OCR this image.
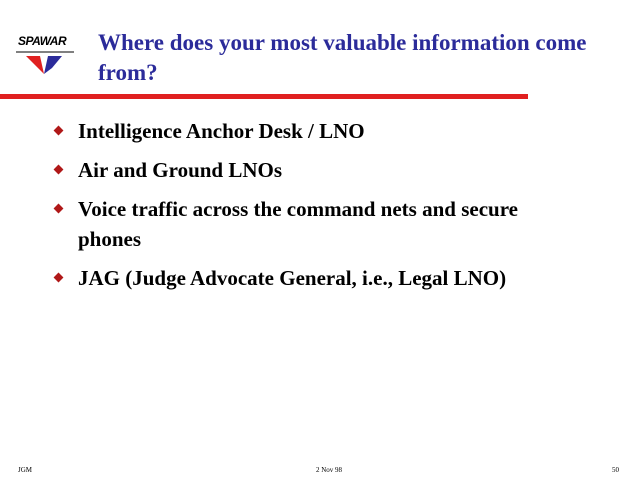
SPAWAR Where does your most valuable information come from?
Intelligence Anchor Desk / LNO
Air and Ground LNOs
Voice traffic across the command nets and secure phones
JAG (Judge Advocate General, i.e., Legal LNO)
JGM	2 Nov 98	50
